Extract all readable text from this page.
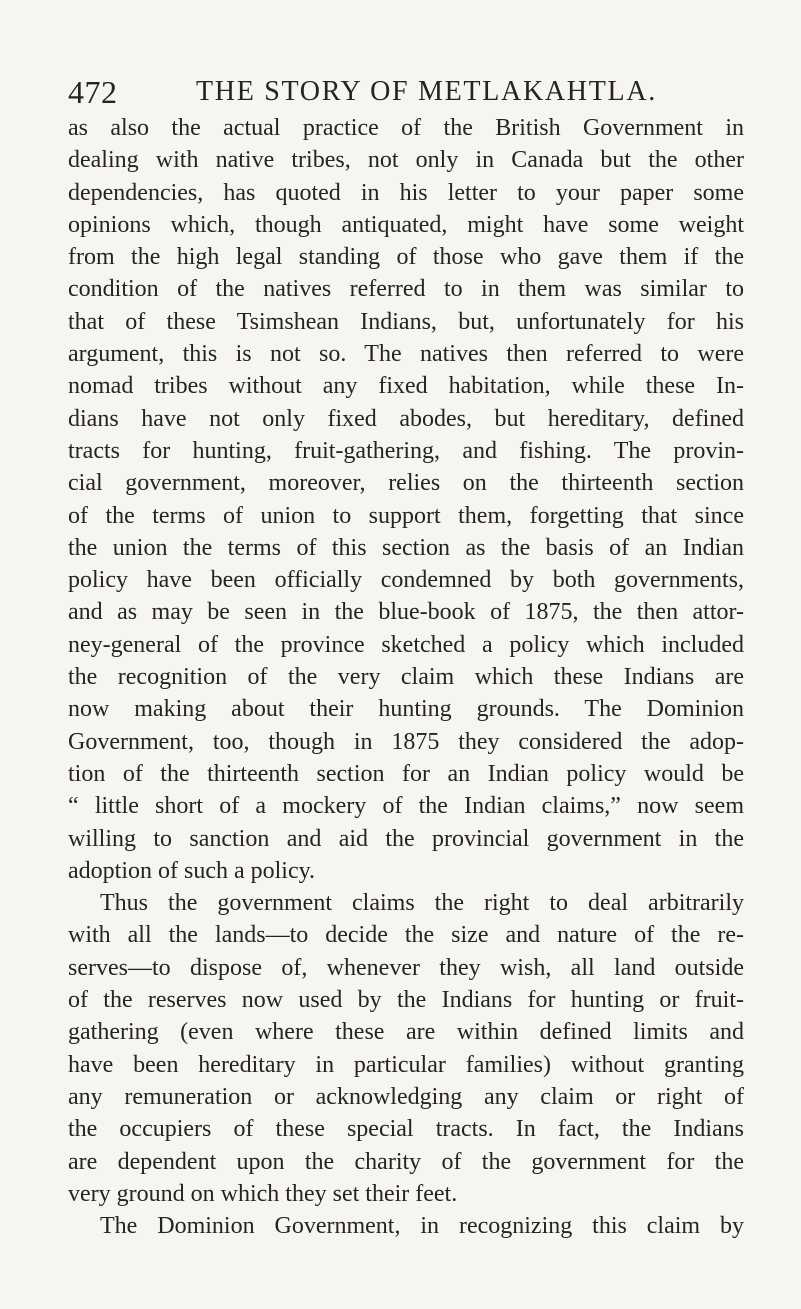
472	THE STORY OF METLAKAHTLA.
as also the actual practice of the British Government in
dealing with native tribes, not only in Canada but the other
dependencies, has quoted in his letter to your paper some
opinions which, though antiquated, might have some weight
from the high legal standing of those who gave them if the
condition of the natives referred to in them was similar to
that of these Tsimshean Indians, but, unfortunately for his
argument, this is not so. The natives then referred to were
nomad tribes without any fixed habitation, while these In-
dians have not only fixed abodes, but hereditary, defined
tracts for hunting, fruit-gathering, and fishing. The provin-
cial government, moreover, relies on the thirteenth section
of the terms of union to support them, forgetting that since
the union the terms of this section as the basis of an Indian
policy have been officially condemned by both governments,
and as may be seen in the blue-book of 1875, the then attor-
ney-general of the province sketched a policy which included
the recognition of the very claim which these Indians are
now making about their hunting grounds. The Dominion
Government, too, though in 1875 they considered the adop-
tion of the thirteenth section for an Indian policy would be
“ little short of a mockery of the Indian claims,” now seem
willing to sanction and aid the provincial government in the
adoption of such a policy.
Thus the government claims the right to deal arbitrarily
with all the lands—to decide the size and nature of the re-
serves—to dispose of, whenever they wish, all land outside
of the reserves now used by the Indians for hunting or fruit-
gathering (even where these are within defined limits and
have been hereditary in particular families) without granting
any remuneration or acknowledging any claim or right of
the occupiers of these special tracts. In fact, the Indians
are dependent upon the charity of the government for the
very ground on which they set their feet.
The Dominion Government, in recognizing this claim by
